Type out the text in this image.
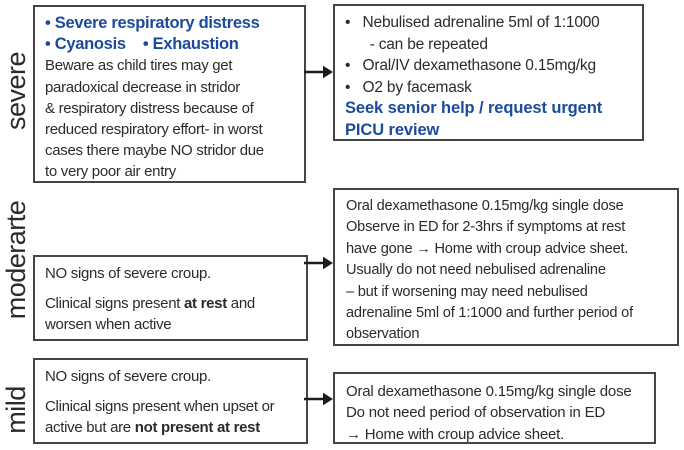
severe
• Severe respiratory distress
• Cyanosis    • Exhaustion
Beware as child tires may get
paradoxical decrease in stridor
& respiratory distress because of
reduced respiratory effort- in worst
cases there maybe NO stridor due
to very poor air entry
•   Nebulised adrenaline 5ml of 1:1000
- can be repeated
•   Oral/IV dexamethasone 0.15mg/kg
•   O2 by facemask
Seek senior help / request urgent
PICU review
moderarte NO signs of severe croup.
Clinical signs present at rest and
worsen when active
Oral dexamethasone 0.15mg/kg single dose
Observe in ED for 2-3hrs if symptoms at rest
have gone → Home with croup advice sheet.
Usually do not need nebulised adrenaline
– but if worsening may need nebulised
adrenaline 5ml of 1:1000 and further period of
observation
mild
NO signs of severe croup.
Clinical signs present when upset or
active but are not present at rest
Oral dexamethasone 0.15mg/kg single dose
Do not need period of observation in ED
→ Home with croup advice sheet.
